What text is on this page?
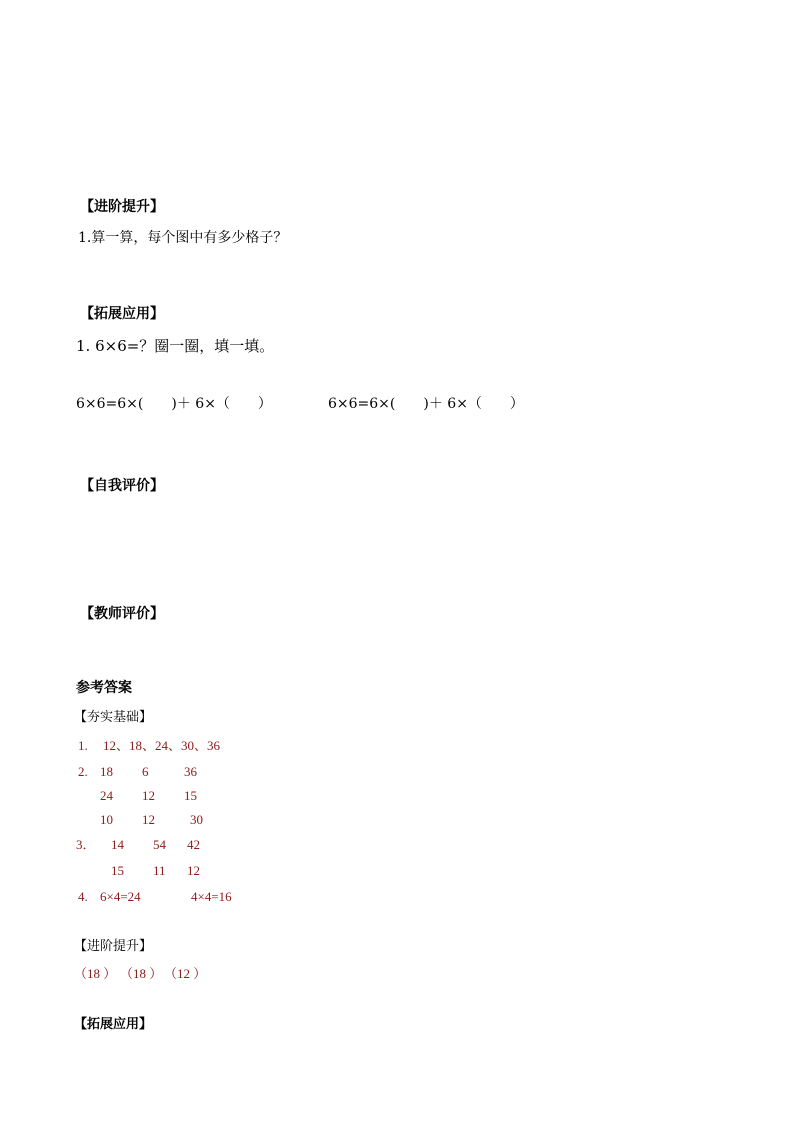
【进阶提升】
1.算一算，每个图中有多少格子？
【拓展应用】
1. 6×6=？圈一圈，填一填。
6×6=6×(　　)＋ 6×（　　）	6×6=6×(　　)＋ 6×（　　）
【自我评价】
【教师评价】
参考答案
【夯实基础】
1. 12、18、24、30、36
2. 18 6	36
24 12 15
10 12	30
3． 14 54 42
15 11 12
4. 6×4=24	4×4=16
【进阶提升】
（18 ） （18 ） （12 ）
【拓展应用】
